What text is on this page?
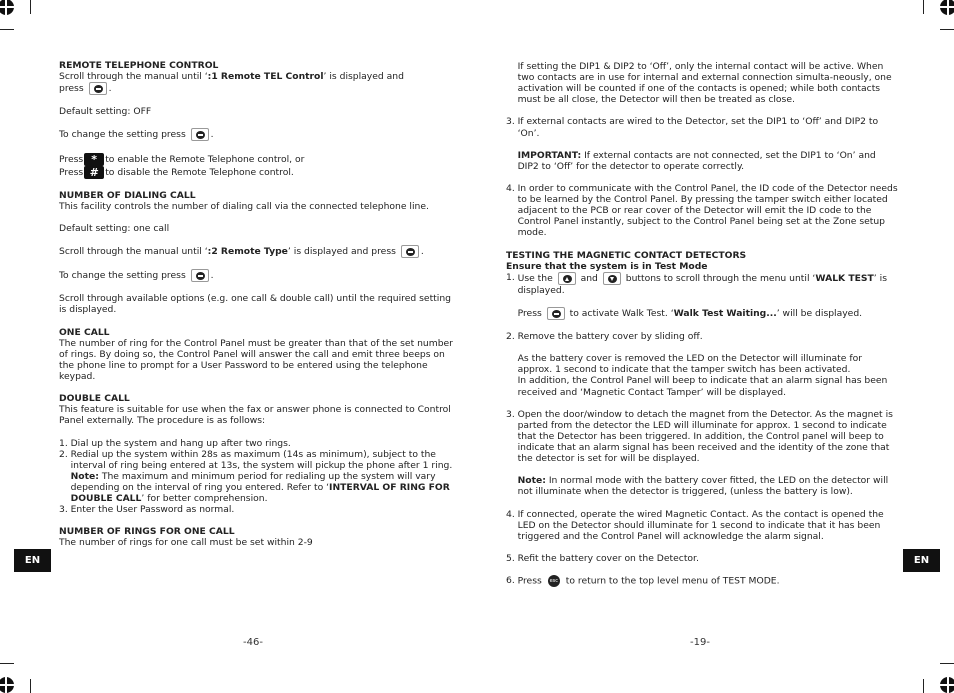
REMOTE TELEPHONE CONTROL

Scroll through the manual until ‘:1 Remote TEL Control’ is displayed and
press	.

Default setting: OFF

To change the setting press	.

Press * to enable the Remote Telephone control, or
Press # to disable the Remote Telephone control.

NUMBER OF DIALING CALL

This facility controls the number of dialing call via the connected telephone line.

Default setting: one call

Scroll through the manual until ‘:2 Remote Type’ is displayed and press	.

To change the setting press	.

Scroll through available options (e.g. one call & double call) until the required setting is displayed.

ONE CALL

The number of ring for the Control Panel must be greater than that of the set number of rings. By doing so, the Control Panel will answer the call and emit three beeps on the phone line to prompt for a User Password to be entered using the telephone keypad.

DOUBLE CALL

This feature is suitable for use when the fax or answer phone is connected to Control Panel externally. The procedure is as follows:

1. Dial up the system and hang up after two rings.
2. Redial up the system within 28s as maximum (14s as minimum), subject to the interval of ring being entered at 13s, the system will pickup the phone after 1 ring.
Note: The maximum and minimum period for redialing up the system will vary depending on the interval of ring you entered. Refer to ‘INTERVAL OF RING FOR DOUBLE CALL’ for better comprehension.
3. Enter the User Password as normal.

NUMBER OF RINGS FOR ONE CALL

The number of rings for one call must be set within 2-9

EN
-46-

If setting the DIP1 & DIP2 to ‘Off’, only the internal contact will be active. When two contacts are in use for internal and external connection simulta-neously, one activation will be counted if one of the contacts is opened; while both contacts must be all close, the Detector will then be treated as close.

3. If external contacts are wired to the Detector, set the DIP1 to ‘Off’ and DIP2 to ‘On’.

IMPORTANT: If external contacts are not connected, set the DIP1 to ‘On’ and DIP2 to ‘Off’ for the detector to operate correctly.

4. In order to communicate with the Control Panel, the ID code of the Detector needs to be learned by the Control Panel. By pressing the tamper switch either located adjacent to the PCB or rear cover of the Detector will emit the ID code to the Control Panel instantly, subject to the Control Panel being set at the Zone setup mode.

TESTING THE MAGNETIC CONTACT DETECTORS

Ensure that the system is in Test Mode

1. Use the	and	buttons to scroll through the menu until ‘WALK TEST’ is displayed.

Press	to activate Walk Test. ‘Walk Test Waiting...’ will be displayed.

2. Remove the battery cover by sliding off.

As the battery cover is removed the LED on the Detector will illuminate for approx. 1 second to indicate that the tamper switch has been activated.
In addition, the Control Panel will beep to indicate that an alarm signal has been received and ‘Magnetic Contact Tamper’ will be displayed.

3. Open the door/window to detach the magnet from the Detector. As the magnet is parted from the detector the LED will illuminate for approx. 1 second to indicate that the Detector has been triggered. In addition, the Control panel will beep to indicate that an alarm signal has been received and the identity of the zone that the detector is set for will be displayed.

Note: In normal mode with the battery cover fitted, the LED on the detector will not illuminate when the detector is triggered, (unless the battery is low).

4. If connected, operate the wired Magnetic Contact. As the contact is opened the LED on the Detector should illuminate for 1 second to indicate that it has been triggered and the Control Panel will acknowledge the alarm signal.
5. Refit the battery cover on the Detector.
6. Press esc to return to the top level menu of TEST MODE.
EN
-19-
